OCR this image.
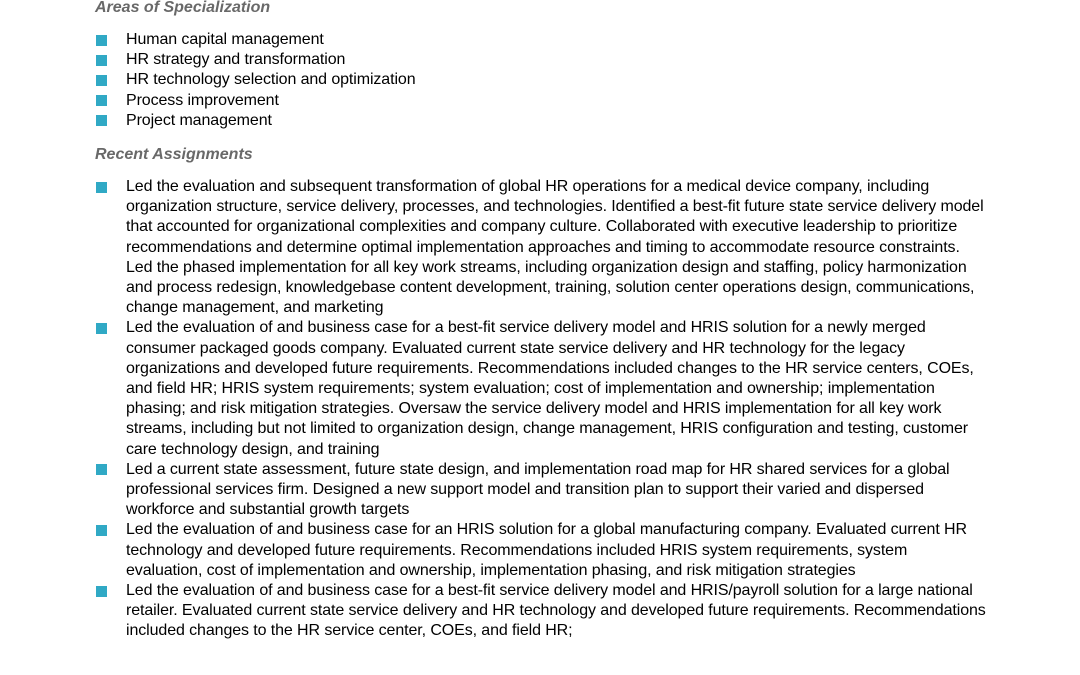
Areas of Specialization
Human capital management
HR strategy and transformation
HR technology selection and optimization
Process improvement
Project management
Recent Assignments
Led the evaluation and subsequent transformation of global HR operations for a medical device company, including organization structure, service delivery, processes, and technologies. Identified a best-fit future state service delivery model that accounted for organizational complexities and company culture. Collaborated with executive leadership to prioritize recommendations and determine optimal implementation approaches and timing to accommodate resource constraints. Led the phased implementation for all key work streams, including organization design and staffing, policy harmonization and process redesign, knowledgebase content development, training, solution center operations design, communications, change management, and marketing
Led the evaluation of and business case for a best-fit service delivery model and HRIS solution for a newly merged consumer packaged goods company. Evaluated current state service delivery and HR technology for the legacy organizations and developed future requirements. Recommendations included changes to the HR service centers, COEs, and field HR; HRIS system requirements; system evaluation; cost of implementation and ownership; implementation phasing; and risk mitigation strategies. Oversaw the service delivery model and HRIS implementation for all key work streams, including but not limited to organization design, change management, HRIS configuration and testing, customer care technology design, and training
Led a current state assessment, future state design, and implementation road map for HR shared services for a global professional services firm. Designed a new support model and transition plan to support their varied and dispersed workforce and substantial growth targets
Led the evaluation of and business case for an HRIS solution for a global manufacturing company. Evaluated current HR technology and developed future requirements. Recommendations included HRIS system requirements, system evaluation, cost of implementation and ownership, implementation phasing, and risk mitigation strategies
Led the evaluation of and business case for a best-fit service delivery model and HRIS/payroll solution for a large national retailer. Evaluated current state service delivery and HR technology and developed future requirements. Recommendations included changes to the HR service center, COEs, and field HR;
